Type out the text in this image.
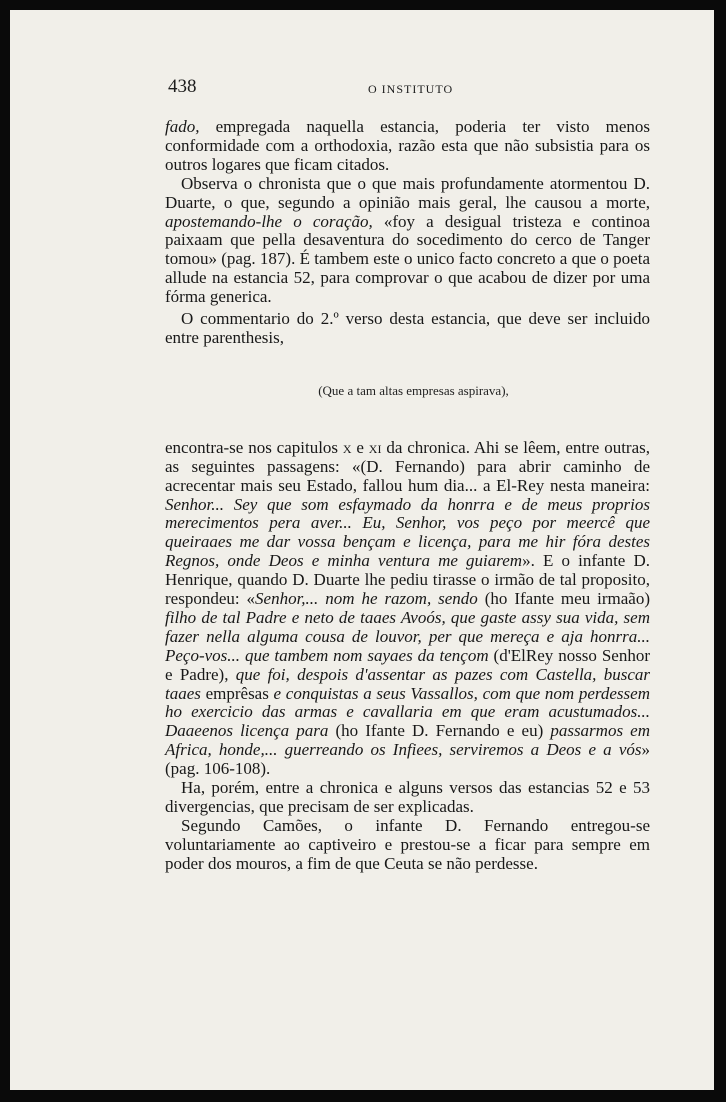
438	O INSTITUTO

fado, empregada naquella estancia, poderia ter visto menos conformidade com a orthodoxia, razão esta que não subsistia para os outros logares que ficam citados.

Observa o chronista que o que mais profundamente atormentou D. Duarte, o que, segundo a opinião mais geral, lhe causou a morte, apostemando-lhe o coração, «foy a desigual tristeza e continoa paixaam que pella desaventura do socedimento do cerco de Tanger tomou» (pag. 187). É tambem este o unico facto concreto a que o poeta allude na estancia 52, para comprovar o que acabou de dizer por uma fórma generica.

O commentario do 2.º verso desta estancia, que deve ser incluido entre parenthesis,

(Que a tam altas empresas aspirava),

encontra-se nos capitulos x e xi da chronica. Ahi se lêem, entre outras, as seguintes passagens: «(D. Fernando) para abrir caminho de acrecentar mais seu Estado, fallou hum dia... a El-Rey nesta maneira: Senhor... Sey que som esfaymado da honrra e de meus proprios merecimentos pera aver... Eu, Senhor, vos peço por meercê que queiraaes me dar vossa bençam e licença, para me hir fóra destes Regnos, onde Deos e minha ventura me guiarem». E o infante D. Henrique, quando D. Duarte lhe pediu tirasse o irmão de tal proposito, respondeu: «Senhor,... nom he razom, sendo (ho Ifante meu irmaão) filho de tal Padre e neto de taaes Avoós, que gaste assy sua vida, sem fazer nella alguma cousa de louvor, per que mereça e aja honrra... Peço-vos... que tambem nom sayaes da tençom (d'ElRey nosso Senhor e Padre), que foi, despois d'assentar as pazes com Castella, buscar taaes emprêsas e conquistas a seus Vassallos, com que nom perdessem ho exercicio das armas e cavallaria em que eram acustumados... Daaeenos licença para (ho Ifante D. Fernando e eu) passarmos em Africa, honde,... guerreando os Infiees, serviremos a Deos e a vós» (pag. 106-108).

Ha, porém, entre a chronica e alguns versos das estancias 52 e 53 divergencias, que precisam de ser explicadas.

Segundo Camões, o infante D. Fernando entregou-se voluntariamente ao captiveiro e prestou-se a ficar para sempre em poder dos mouros, a fim de que Ceuta se não perdesse.
